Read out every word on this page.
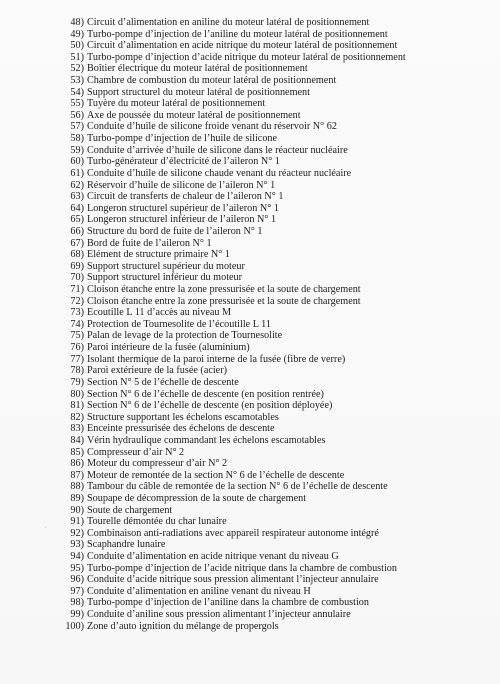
48) Circuit d’alimentation en aniline du moteur latéral de positionnement
49) Turbo-pompe d’injection de l’aniline du moteur latéral de positionnement
50) Circuit d’alimentation en acide nitrique du moteur latéral de positionnement
51) Turbo-pompe d’injection d’acide nitrique du moteur latéral de positionnement
52) Boîtier électrique du moteur latéral de positionnement
53) Chambre de combustion du moteur latéral de positionnement
54) Support structurel du moteur latéral de positionnement
55) Tuyère du moteur latéral de positionnement
56) Axe de poussée du moteur latéral de positionnement
57) Conduite d’huile de silicone froide venant du réservoir N° 62
58) Turbo-pompe d’injection de l’huile de silicone
59) Conduite d’arrivée d’huile de silicone dans le réacteur nucléaire
60) Turbo-générateur d’électricité de l’aileron N° 1
61) Conduite d’huile de silicone chaude venant du réacteur nucléaire
62) Réservoir d’huile de silicone de l’aileron N° 1
63) Circuit de transferts de chaleur de l’aileron N° 1
64) Longeron structurel supérieur de l’aileron N° 1
65) Longeron structurel inférieur de l’aileron N° 1
66) Structure du bord de fuite de l’aileron N° 1
67) Bord de fuite de l’aileron N° 1
68) Elément de structure primaire N° 1
69) Support structurel supérieur du moteur
70) Support structurel inférieur du moteur
71) Cloison étanche entre la zone pressurisée et la soute de chargement
72) Cloison étanche entre la zone pressurisée et la soute de chargement
73) Ecoutille L 11 d’accès au niveau M
74) Protection de Tournesolite de l’écoutille L 11
75) Palan de levage de la protection de Tournesolite
76) Paroi intérieure de la fusée (aluminium)
77) Isolant thermique de la paroi interne de la fusée (fibre de verre)
78) Paroi extérieure de la fusée (acier)
79) Section N° 5 de l’échelle de descente
80) Section N° 6 de l’échelle de descente (en position rentrée)
81) Section N° 6 de l’échelle de descente (en position déployée)
82) Structure supportant les échelons escamotables
83) Enceinte pressurisée des échelons de descente
84) Vérin hydraulique commandant les échelons escamotables
85) Compresseur d’air N° 2
86) Moteur du compresseur d’air N° 2
87) Moteur de remontée de la section N° 6 de l’échelle de descente
88) Tambour du câble de remontée de la section N° 6 de l’échelle de descente
89) Soupape de décompression de la soute de chargement
90) Soute de chargement
91) Tourelle démontée du char lunaire
92) Combinaison anti-radiations avec appareil respirateur autonome intégré
93) Scaphandre lunaire
94) Conduite d’alimentation en acide nitrique venant du niveau G
95) Turbo-pompe d’injection de l’acide nitrique dans la chambre de combustion
96) Conduite d’acide nitrique sous pression alimentant l’injecteur annulaire
97) Conduite d’alimentation en aniline venant du niveau H
98) Turbo-pompe d’injection de l’aniline dans la chambre de combustion
99) Conduite d’aniline sous pression alimentant l’injecteur annulaire
100) Zone d’auto ignition du mélange de propergols
′
